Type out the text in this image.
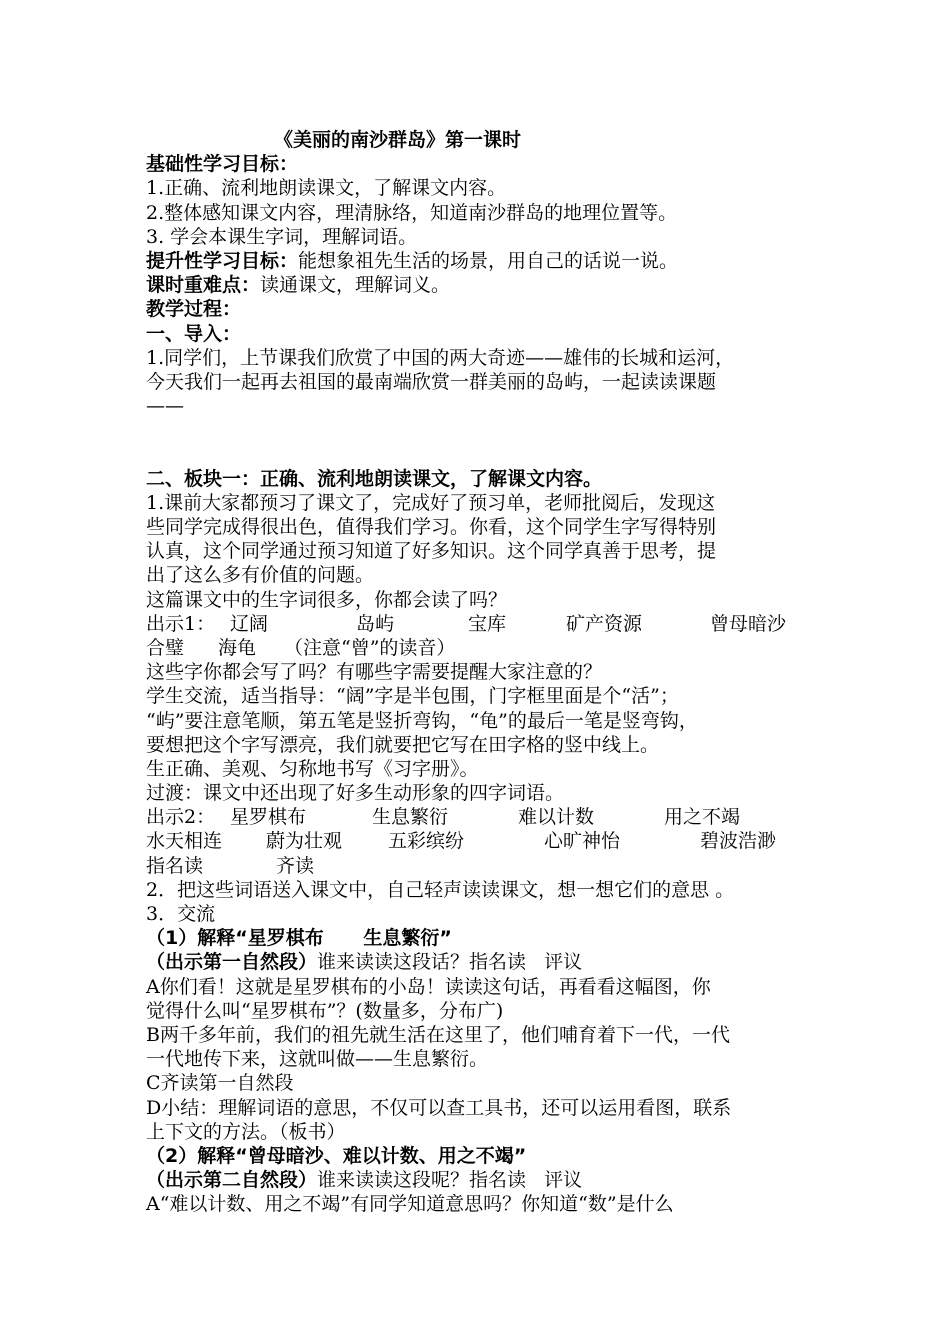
《美丽的南沙群岛》第一课时
基础性学习目标：
1.正确、流利地朗读课文，了解课文内容。
2.整体感知课文内容，理清脉络，知道南沙群岛的地理位置等。
3. 学会本课生字词，理解词语。
提升性学习目标：能想象祖先生活的场景，用自己的话说一说。
课时重难点：读通课文，理解词义。
教学过程：
一、导入：
1.同学们，上节课我们欣赏了中国的两大奇迹——雄伟的长城和运河，
今天我们一起再去祖国的最南端欣赏一群美丽的岛屿，一起读读课题
——
二、板块一：正确、流利地朗读课文，了解课文内容。
1.课前大家都预习了课文了，完成好了预习单，老师批阅后，发现这
些同学完成得很出色，值得我们学习。你看，这个同学生字写得特别
认真，这个同学通过预习知道了好多知识。这个同学真善于思考，提
出了这么多有价值的问题。
这篇课文中的生字词很多，你都会读了吗？
出示1： 辽阔	岛屿	宝库	矿产资源	曾母暗沙
合璧 海龟 （注意“曾”的读音）
这些字你都会写了吗？有哪些字需要提醒大家注意的？
学生交流，适当指导：“阔”字是半包围，门字框里面是个“活”；
“屿”要注意笔顺，第五笔是竖折弯钩，“龟”的最后一笔是竖弯钩，
要想把这个字写漂亮，我们就要把它写在田字格的竖中线上。
生正确、美观、匀称地书写《习字册》。
过渡：课文中还出现了好多生动形象的四字词语。
出示2： 星罗棋布	生息繁衍	难以计数	用之不竭
水天相连 蔚为壮观 五彩缤纷	心旷神怡	碧波浩渺
指名读	齐读
2．把这些词语送入课文中，自己轻声读读课文，想一想它们的意思 。
3．交流
（1）解释“星罗棋布      生息繁衍”
（出示第一自然段）谁来读读这段话？指名读   评议
A你们看！这就是星罗棋布的小岛！读读这句话，再看看这幅图，你
觉得什么叫“星罗棋布”？(数量多，分布广)
B两千多年前，我们的祖先就生活在这里了，他们哺育着下一代，一代
一代地传下来，这就叫做——生息繁衍。
C齐读第一自然段
D小结：理解词语的意思，不仅可以查工具书，还可以运用看图，联系
上下文的方法。（板书）
（2）解释“曾母暗沙、难以计数、用之不竭”
（出示第二自然段）谁来读读这段呢？指名读   评议
A“难以计数、用之不竭”有同学知道意思吗？你知道“数”是什么
